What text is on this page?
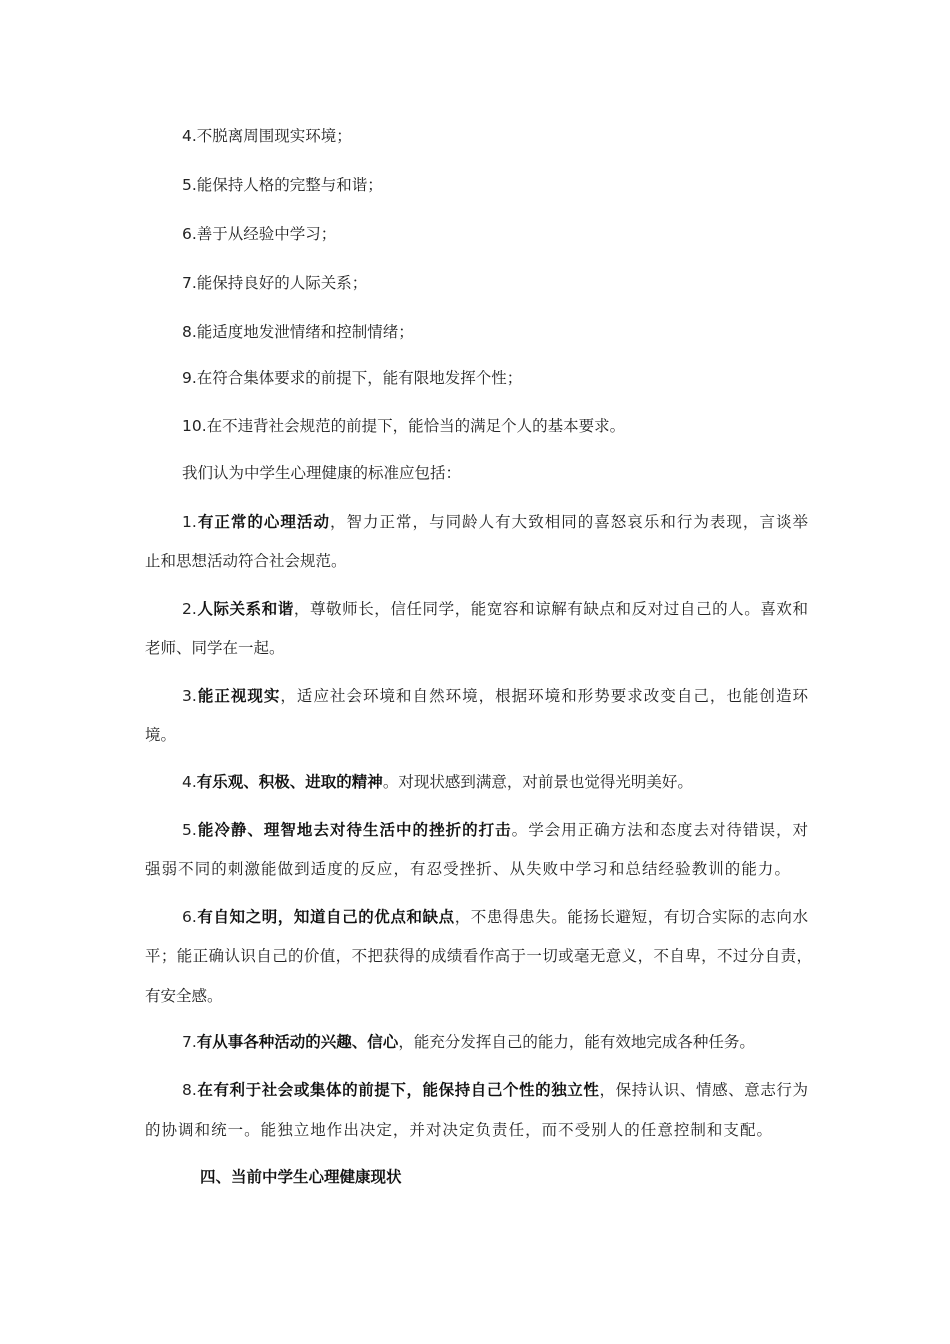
4.不脱离周围现实环境；

5.能保持人格的完整与和谐；

6.善于从经验中学习；

7.能保持良好的人际关系；

8.能适度地发泄情绪和控制情绪；

9.在符合集体要求的前提下，能有限地发挥个性；

10.在不违背社会规范的前提下，能恰当的满足个人的基本要求。

我们认为中学生心理健康的标准应包括：

1.有正常的心理活动，智力正常，与同龄人有大致相同的喜怒哀乐和行为表现，言谈举

止和思想活动符合社会规范。

2.人际关系和谐，尊敬师长，信任同学，能宽容和谅解有缺点和反对过自己的人。喜欢和

老师、同学在一起。

3.能正视现实，适应社会环境和自然环境，根据环境和形势要求改变自己，也能创造环

境。

4.有乐观、积极、进取的精神。对现状感到满意，对前景也觉得光明美好。

5.能冷静、理智地去对待生活中的挫折的打击。学会用正确方法和态度去对待错误，对

强弱不同的刺激能做到适度的反应，有忍受挫折、从失败中学习和总结经验教训的能力。

6.有自知之明，知道自己的优点和缺点，不患得患失。能扬长避短，有切合实际的志向水

平；能正确认识自己的价值，不把获得的成绩看作高于一切或毫无意义，不自卑，不过分自责，

有安全感。

7.有从事各种活动的兴趣、信心，能充分发挥自己的能力，能有效地完成各种任务。

8.在有利于社会或集体的前提下，能保持自己个性的独立性，保持认识、情感、意志行为

的协调和统一。能独立地作出决定，并对决定负责任，而不受别人的任意控制和支配。

四、当前中学生心理健康现状
